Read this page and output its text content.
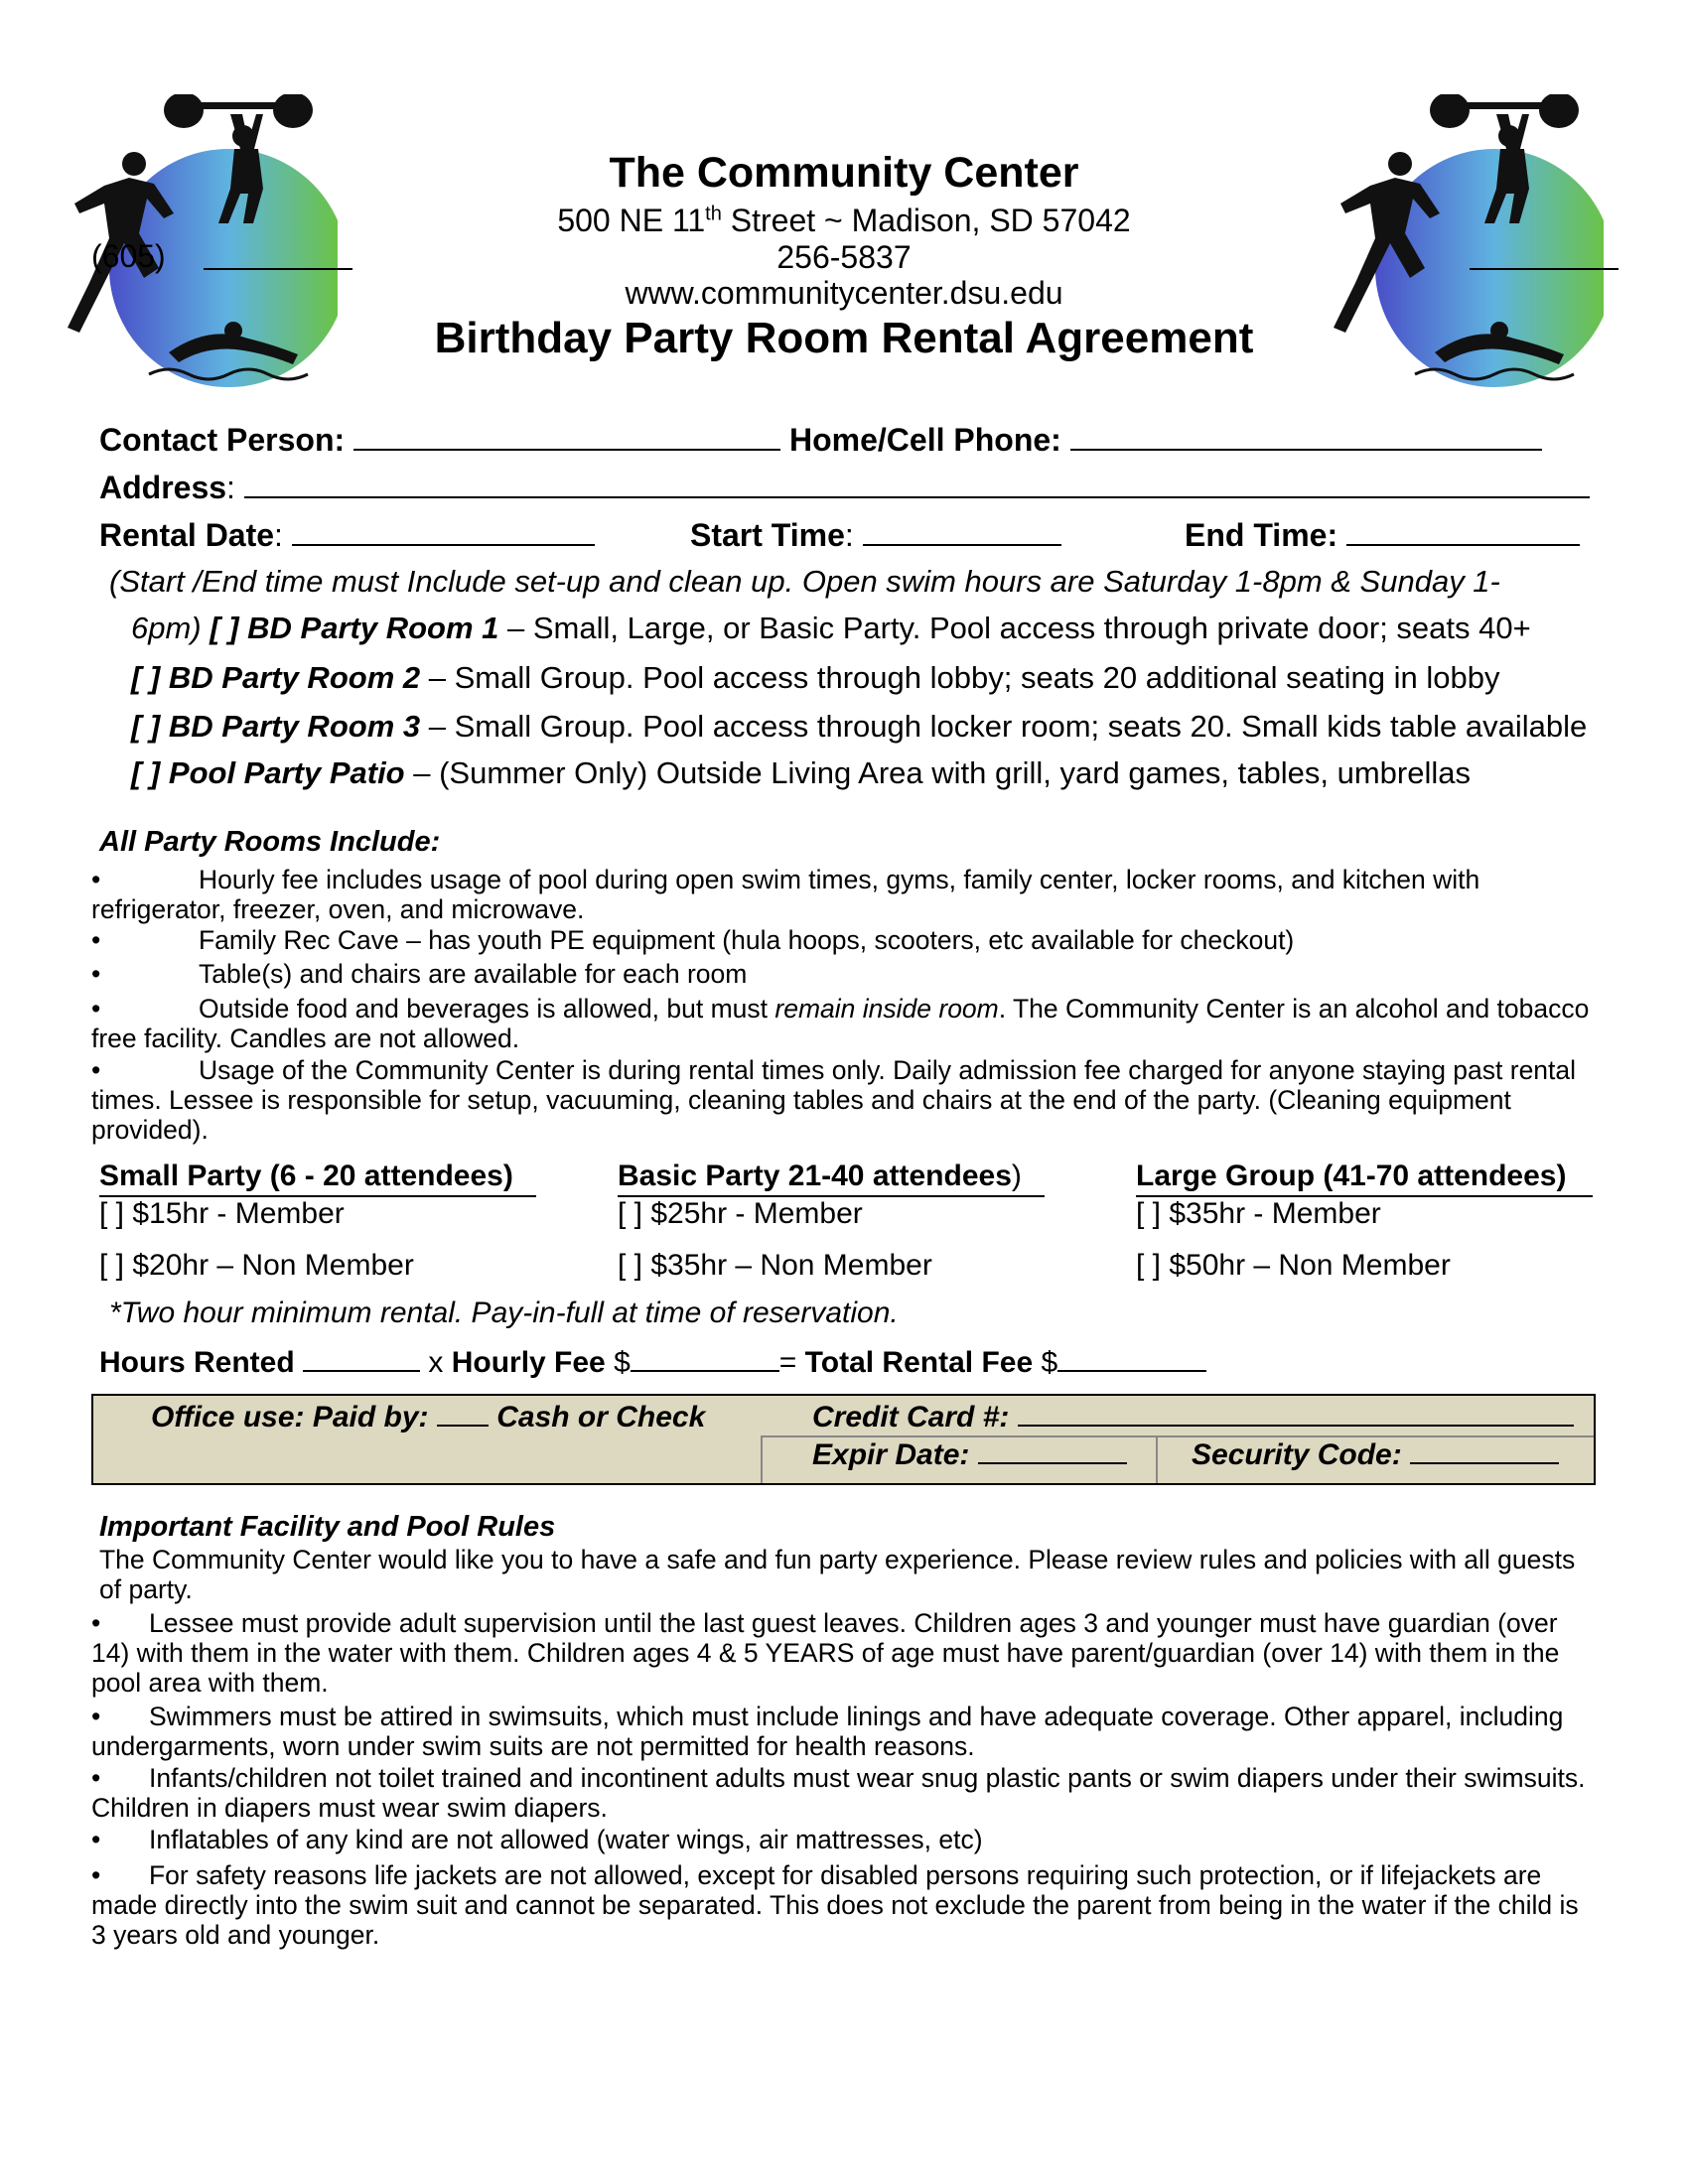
(605)
The Community Center
500 NE 11th Street ~ Madison, SD 57042
256-5837
www.communitycenter.dsu.edu
Birthday Party Room Rental Agreement
Contact Person:	Home/Cell Phone:
Address:
Rental Date:	Start Time:	End Time:
(Start /End time must Include set-up and clean up. Open swim hours are Saturday 1-8pm & Sunday 1-
6pm) [ ] BD Party Room 1 – Small, Large, or Basic Party. Pool access through private door; seats 40+
[ ] BD Party Room 2 – Small Group. Pool access through lobby; seats 20 additional seating in lobby
[ ] BD Party Room 3 – Small Group. Pool access through locker room; seats 20. Small kids table available
[ ] Pool Party Patio – (Summer Only) Outside Living Area with grill, yard games, tables, umbrellas
All Party Rooms Include:
•	Hourly fee includes usage of pool during open swim times, gyms, family center, locker rooms, and kitchen with refrigerator, freezer, oven, and microwave.
•	Family Rec Cave – has youth PE equipment (hula hoops, scooters, etc available for checkout)
•	Table(s) and chairs are available for each room
•	Outside food and beverages is allowed, but must remain inside room. The Community Center is an alcohol and tobacco free facility. Candles are not allowed.
•	Usage of the Community Center is during rental times only. Daily admission fee charged for anyone staying past rental times. Lessee is responsible for setup, vacuuming, cleaning tables and chairs at the end of the party. (Cleaning equipment provided).
Small Party (6 - 20 attendees)	Basic Party 21-40 attendees)	Large Group (41-70 attendees)
[ ] $15hr - Member	[ ] $25hr - Member	[ ] $35hr - Member
[ ] $20hr – Non Member	[ ] $35hr – Non Member	[ ] $50hr – Non Member
*Two hour minimum rental. Pay-in-full at time of reservation.
Hours Rented	x Hourly Fee $	= Total Rental Fee $
Office use: Paid by: Cash or Check	Credit Card #:
Expir Date:	Security Code:
Important Facility and Pool Rules
The Community Center would like you to have a safe and fun party experience. Please review rules and policies with all guests of party.
• Lessee must provide adult supervision until the last guest leaves. Children ages 3 and younger must have guardian (over 14) with them in the water with them. Children ages 4 & 5 YEARS of age must have parent/guardian (over 14) with them in the pool area with them.
• Swimmers must be attired in swimsuits, which must include linings and have adequate coverage. Other apparel, including undergarments, worn under swim suits are not permitted for health reasons.
• Infants/children not toilet trained and incontinent adults must wear snug plastic pants or swim diapers under their swimsuits. Children in diapers must wear swim diapers.
• Inflatables of any kind are not allowed (water wings, air mattresses, etc)
• For safety reasons life jackets are not allowed, except for disabled persons requiring such protection, or if lifejackets are made directly into the swim suit and cannot be separated. This does not exclude the parent from being in the water if the child is 3 years old and younger.
